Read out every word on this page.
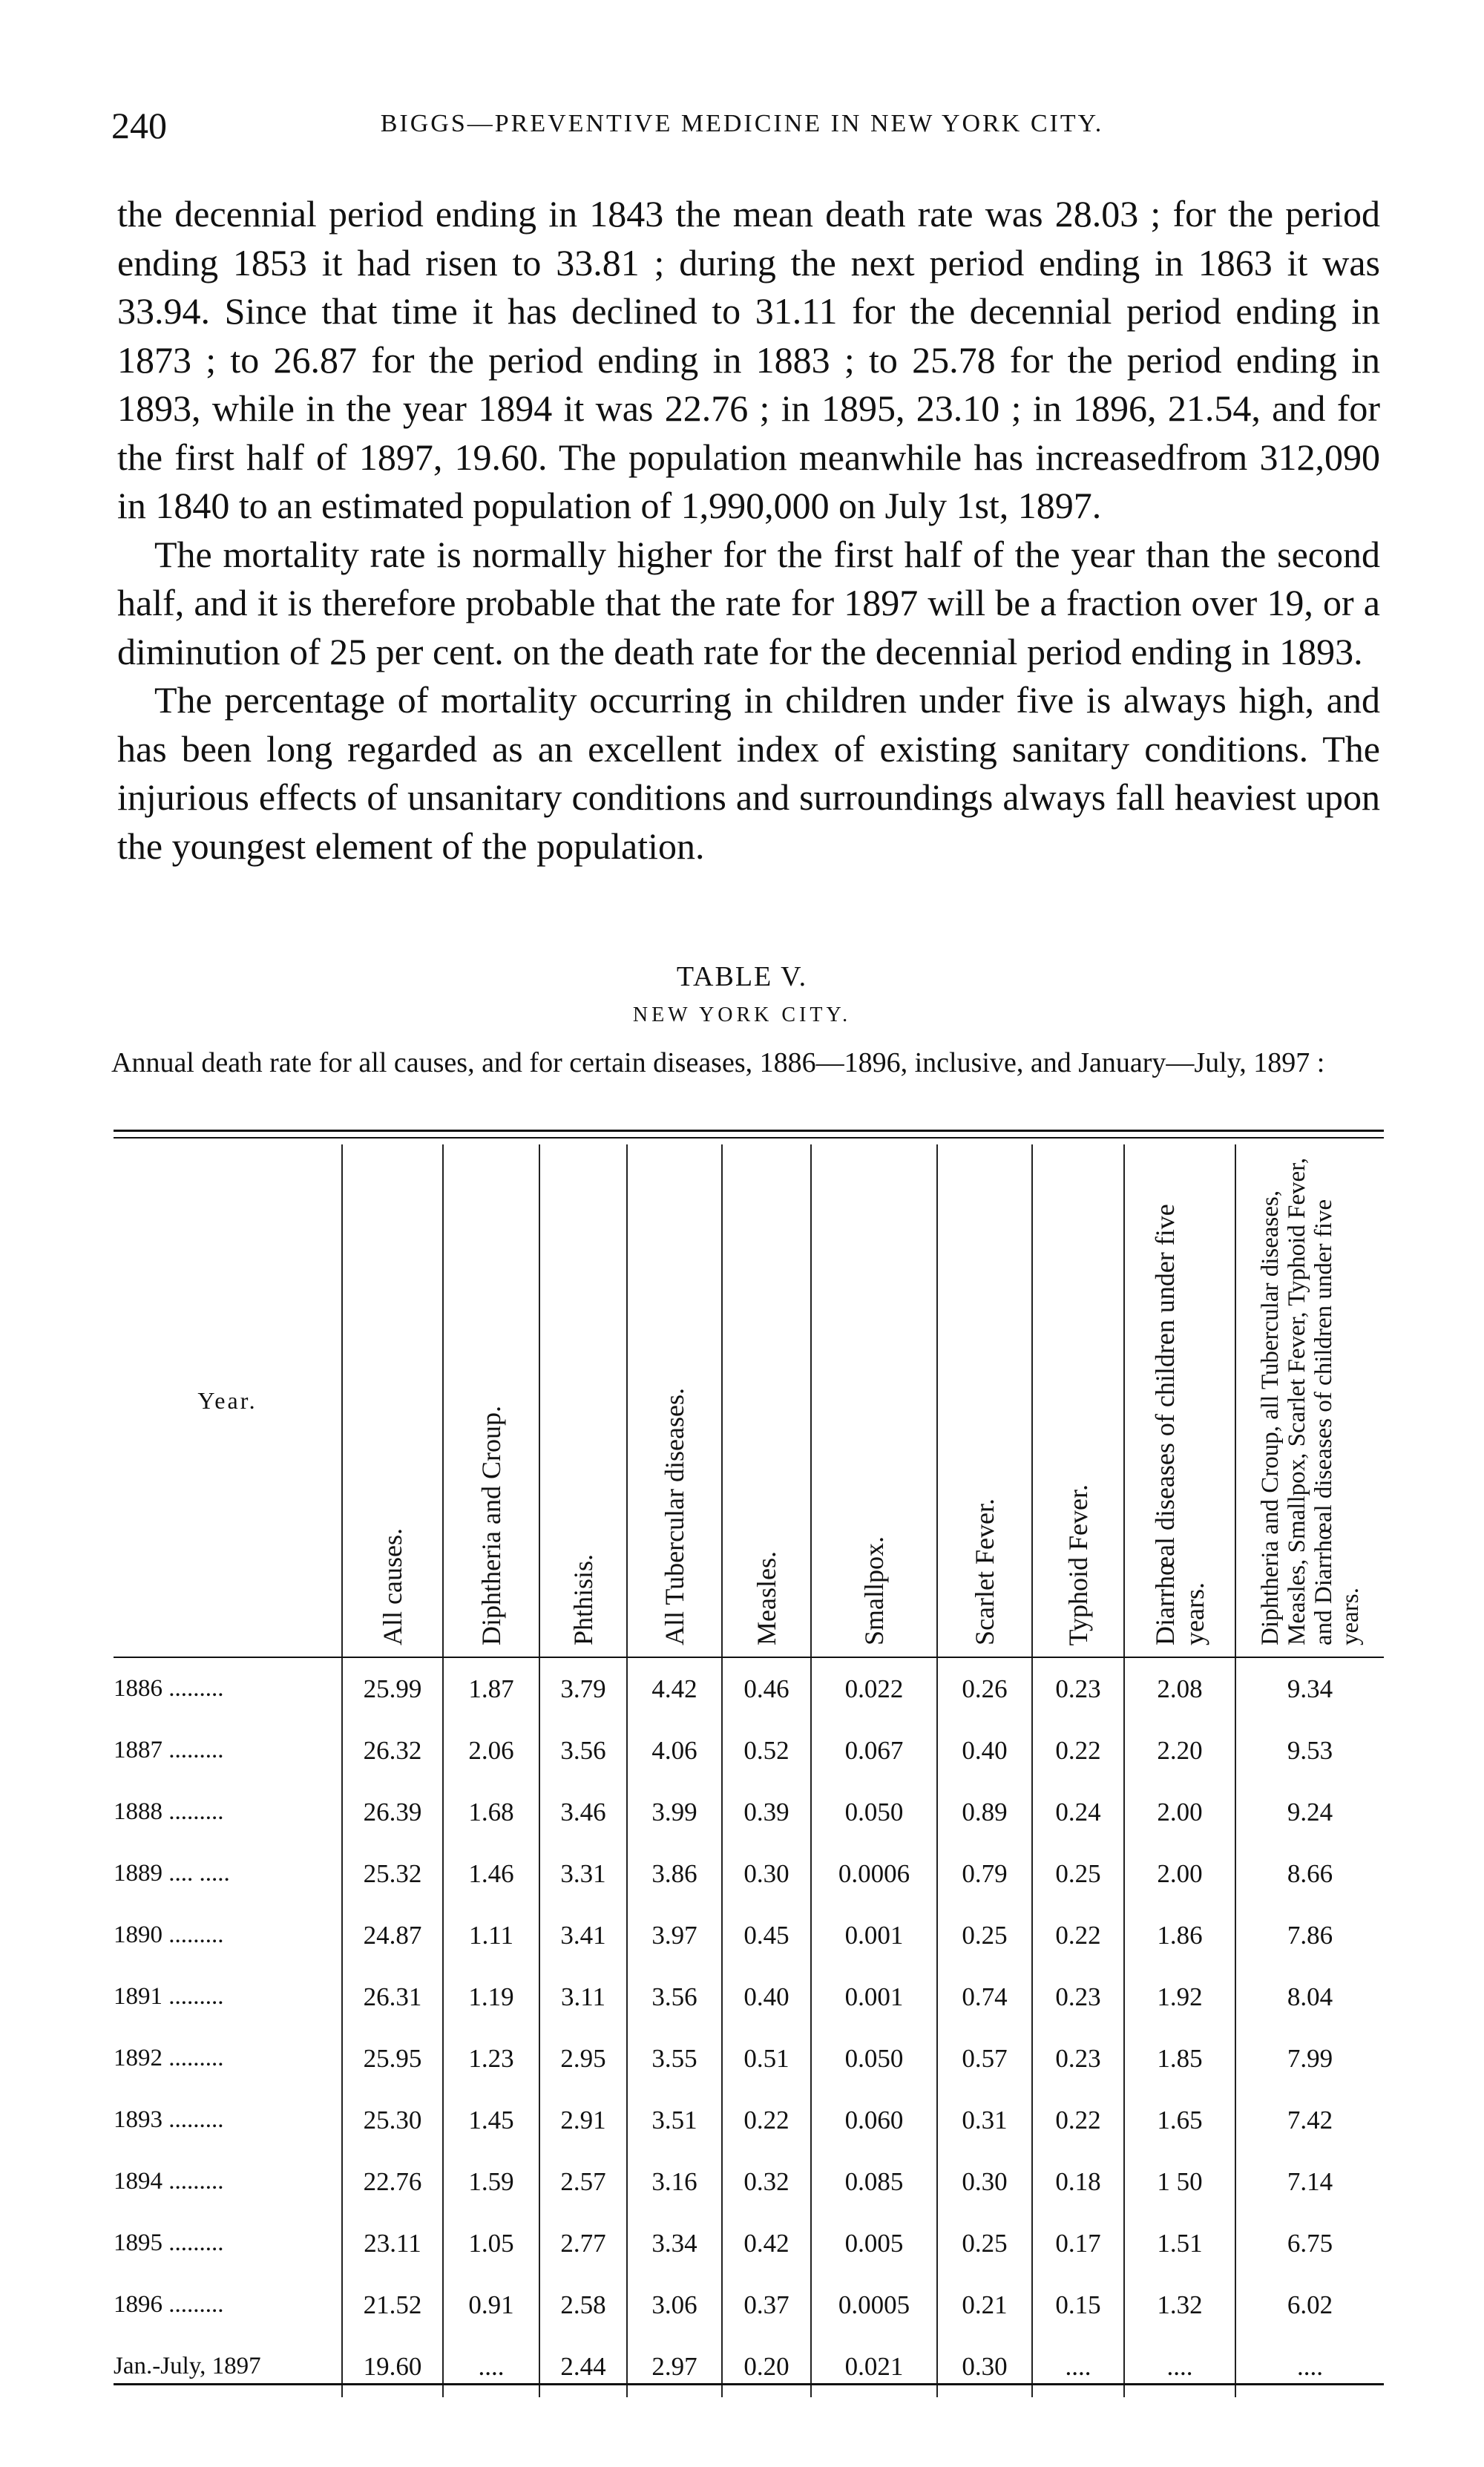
240	BIGGS—PREVENTIVE MEDICINE IN NEW YORK CITY.

the decennial period ending in 1843 the mean death rate was 28.03 ; for the period ending 1853 it had risen to 33.81 ; during the next period ending in 1863 it was 33.94. Since that time it has declined to 31.11 for the decennial period ending in 1873 ; to 26.87 for the period ending in 1883 ; to 25.78 for the period ending in 1893, while in the year 1894 it was 22.76 ; in 1895, 23.10 ; in 1896, 21.54, and for the first half of 1897, 19.60. The population meanwhile has increasedfrom 312,090 in 1840 to an estimated population of 1,990,000 on July 1st, 1897.

The mortality rate is normally higher for the first half of the year than the second half, and it is therefore probable that the rate for 1897 will be a fraction over 19, or a diminution of 25 per cent. on the death rate for the decennial period ending in 1893.

The percentage of mortality occurring in children under five is always high, and has been long regarded as an excellent index of existing sanitary conditions. The injurious effects of unsanitary conditions and surroundings always fall heaviest upon the youngest element of the population.

TABLE V.
NEW YORK CITY.
Annual death rate for all causes, and for certain diseases, 1886—1896, inclusive, and January—July, 1897 :
Year.	All causes.	Diphtheria and Croup.	Phthisis.	All Tubercular diseases.	Measles.	Smallpox.	Scarlet Fever.	Typhoid Fever.	Diarrhœal diseases of children under five years.	Diphtheria and Croup, all Tubercular diseases, Measles, Smallpox, Scarlet Fever, Typhoid Fever, and Diarrhœal diseases of children under five years.
1886 .........	25.99	1.87	3.79	4.42	0.46	0.022	0.26	0.23	2.08	9.34
1887 .........	26.32	2.06	3.56	4.06	0.52	0.067	0.40	0.22	2.20	9.53
1888 .........	26.39	1.68	3.46	3.99	0.39	0.050	0.89	0.24	2.00	9.24
1889 .... .....	25.32	1.46	3.31	3.86	0.30	0.0006	0.79	0.25	2.00	8.66
1890 .........	24.87	1.11	3.41	3.97	0.45	0.001	0.25	0.22	1.86	7.86
1891 .........	26.31	1.19	3.11	3.56	0.40	0.001	0.74	0.23	1.92	8.04
1892 .........	25.95	1.23	2.95	3.55	0.51	0.050	0.57	0.23	1.85	7.99
1893 .........	25.30	1.45	2.91	3.51	0.22	0.060	0.31	0.22	1.65	7.42
1894 .........	22.76	1.59	2.57	3.16	0.32	0.085	0.30	0.18	1 50	7.14
1895 .........	23.11	1.05	2.77	3.34	0.42	0.005	0.25	0.17	1.51	6.75
1896 .........	21.52	0.91	2.58	3.06	0.37	0.0005	0.21	0.15	1.32	6.02
Jan.-July, 1897	19.60	....	2.44	2.97	0.20	0.021	0.30	....	....	....
